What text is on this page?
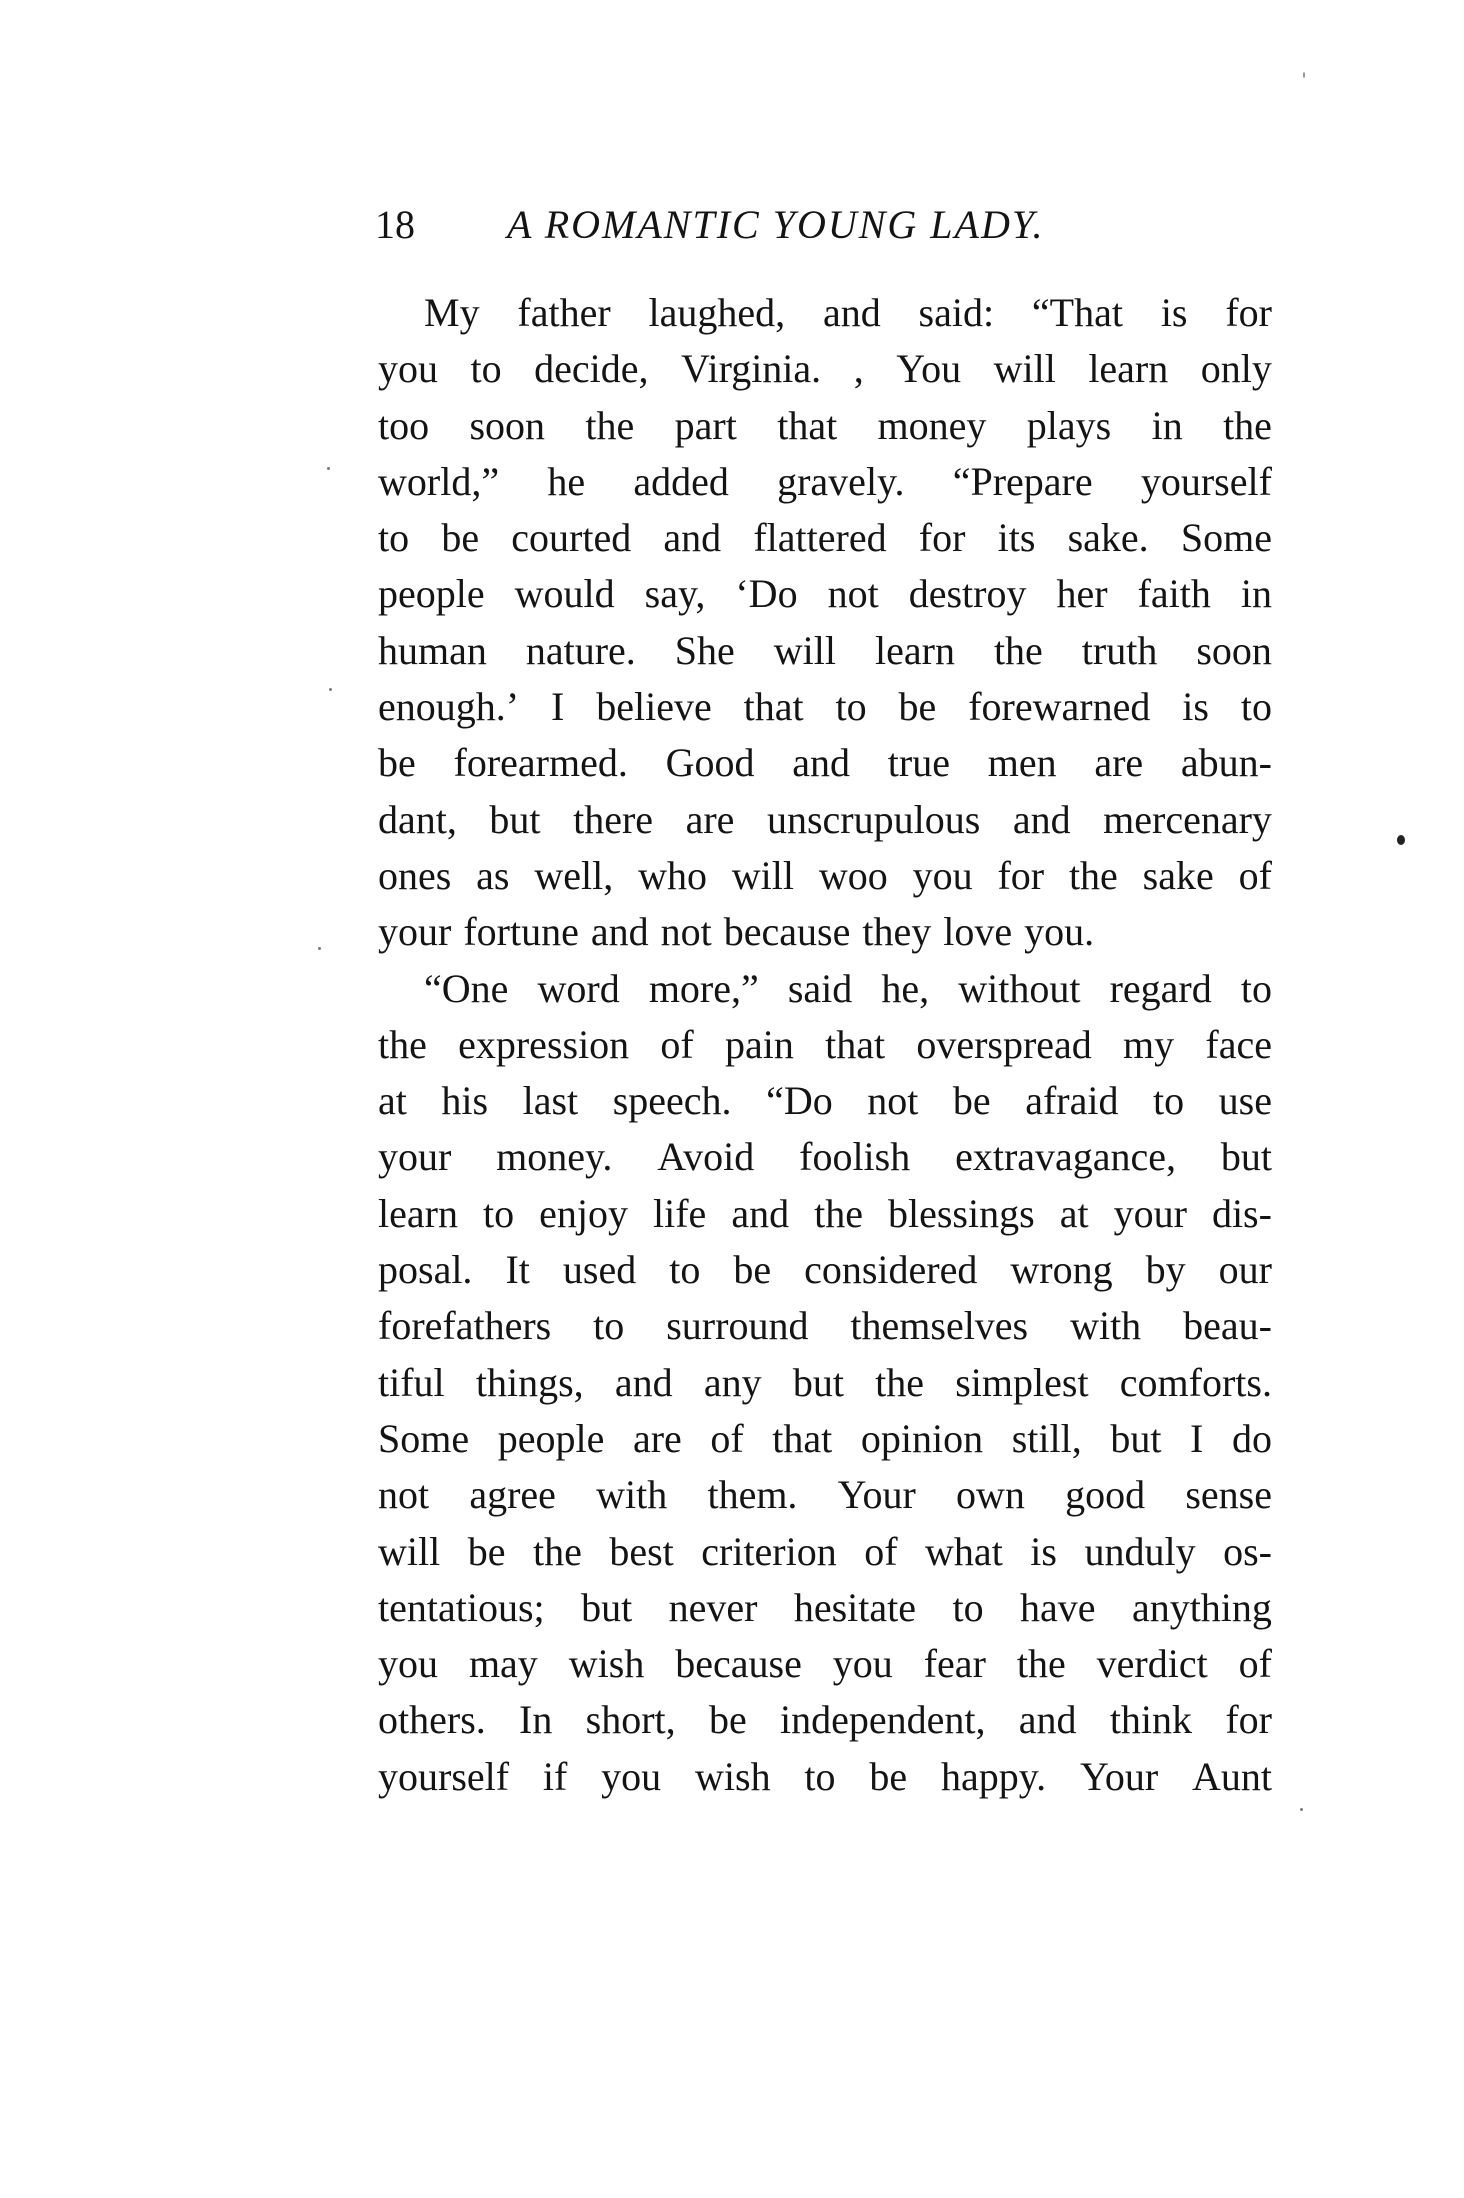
18 A ROMANTIC YOUNG LADY.
My father laughed, and said: “That is for
you to decide, Virginia. , You will learn only
too soon the part that money plays in the
world,” he added gravely. “Prepare yourself
to be courted and flattered for its sake. Some
people would say, ‘Do not destroy her faith in
human nature. She will learn the truth soon
enough.’ I believe that to be forewarned is to
be forearmed. Good and true men are abun-
dant, but there are unscrupulous and mercenary
ones as well, who will woo you for the sake of
your fortune and not because they love you.
“One word more,” said he, without regard to
the expression of pain that overspread my face
at his last speech. “Do not be afraid to use
your money. Avoid foolish extravagance, but
learn to enjoy life and the blessings at your dis-
posal. It used to be considered wrong by our
forefathers to surround themselves with beau-
tiful things, and any but the simplest comforts.
Some people are of that opinion still, but I do
not agree with them. Your own good sense
will be the best criterion of what is unduly os-
tentatious; but never hesitate to have anything
you may wish because you fear the verdict of
others. In short, be independent, and think for
yourself if you wish to be happy. Your Aunt
